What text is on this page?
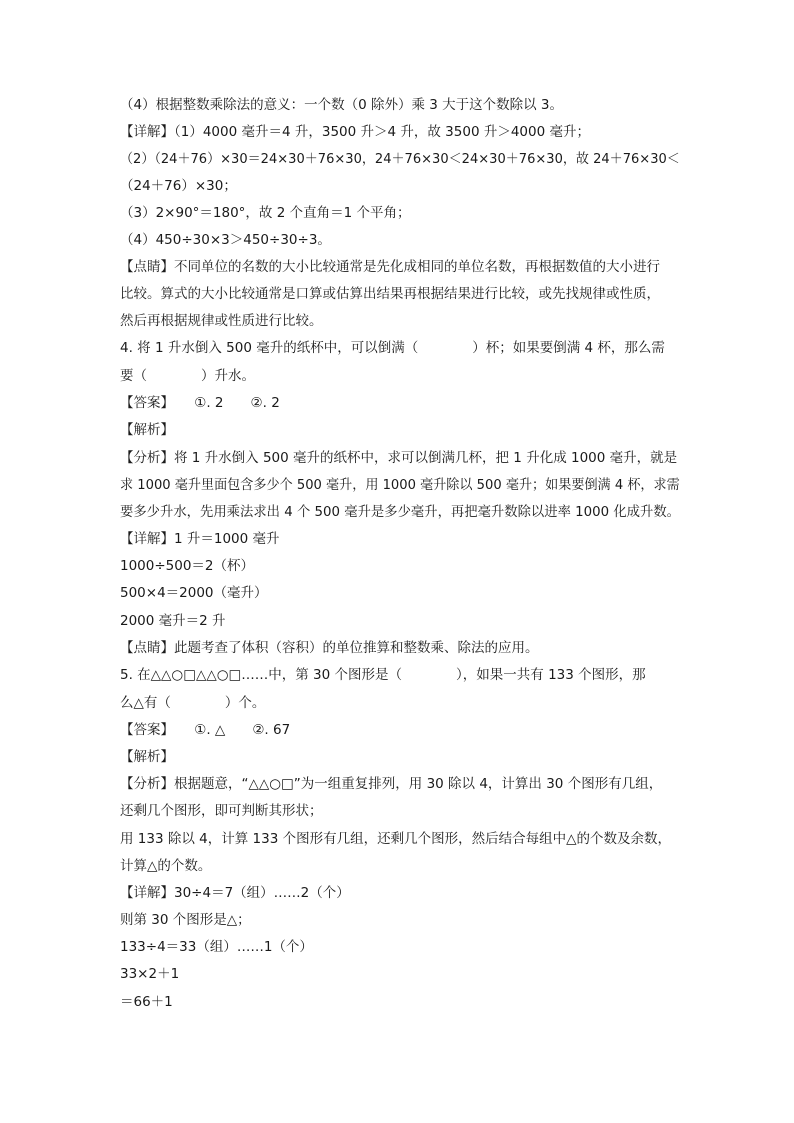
（4）根据整数乘除法的意义：一个数（0 除外）乘 3 大于这个数除以 3。
【详解】（1）4000 毫升＝4 升，3500 升＞4 升，故 3500 升＞4000 毫升；
（2）（24＋76）×30＝24×30＋76×30，24＋76×30＜24×30＋76×30，故 24＋76×30＜
（24＋76）×30；
（3）2×90°＝180°，故 2 个直角＝1 个平角；
（4）450÷30×3＞450÷30÷3。
【点睛】不同单位的名数的大小比较通常是先化成相同的单位名数，再根据数值的大小进行
比较。算式的大小比较通常是口算或估算出结果再根据结果进行比较，或先找规律或性质，
然后再根据规律或性质进行比较。
4. 将 1 升水倒入 500 毫升的纸杯中，可以倒满（　　　　）杯；如果要倒满 4 杯，那么需
要（　　　　）升水。
【答案】　　①. 2　　②. 2
【解析】
【分析】将 1 升水倒入 500 毫升的纸杯中，求可以倒满几杯，把 1 升化成 1000 毫升，就是
求 1000 毫升里面包含多少个 500 毫升，用 1000 毫升除以 500 毫升；如果要倒满 4 杯，求需
要多少升水，先用乘法求出 4 个 500 毫升是多少毫升，再把毫升数除以进率 1000 化成升数。
【详解】1 升＝1000 毫升
1000÷500＝2（杯）
500×4＝2000（毫升）
2000 毫升＝2 升
【点睛】此题考查了体积（容积）的单位推算和整数乘、除法的应用。
5. 在△△○□△△○□……中，第 30 个图形是（　　　　），如果一共有 133 个图形，那
么△有（　　　　）个。
【答案】　　①. △　　②. 67
【解析】
【分析】根据题意，“△△○□”为一组重复排列，用 30 除以 4，计算出 30 个图形有几组，
还剩几个图形，即可判断其形状；
用 133 除以 4，计算 133 个图形有几组，还剩几个图形，然后结合每组中△的个数及余数，
计算△的个数。
【详解】30÷4＝7（组）……2（个）
则第 30 个图形是△；
133÷4＝33（组）……1（个）
33×2＋1
＝66＋1
